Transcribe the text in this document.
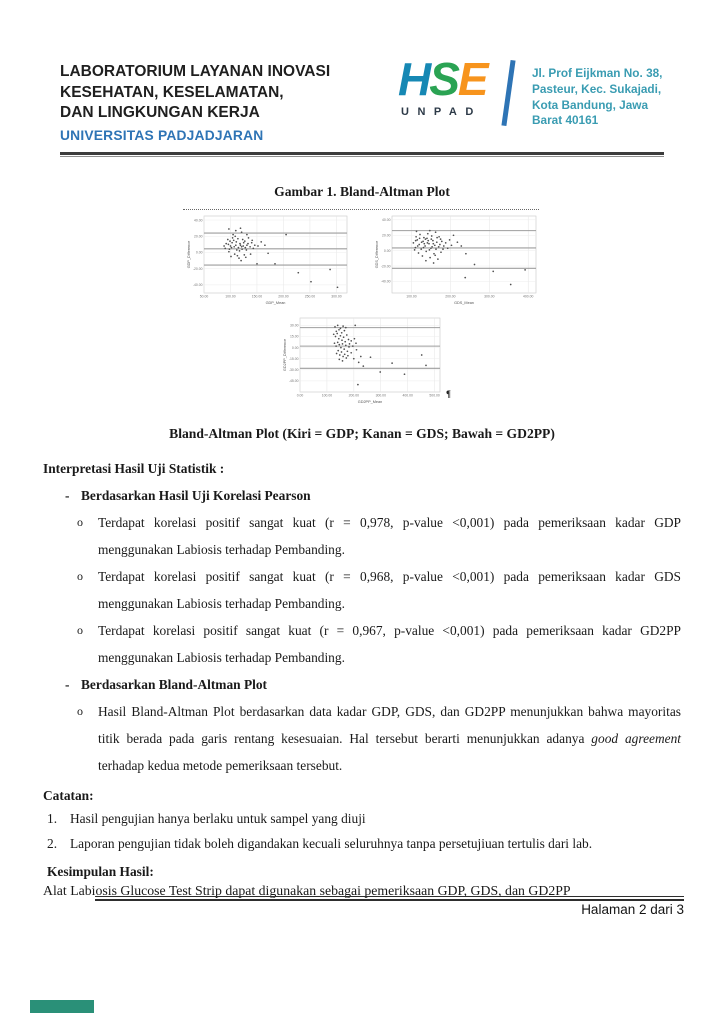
LABORATORIUM LAYANAN INOVASI
KESEHATAN, KESELAMATAN,
DAN LINGKUNGAN KERJA
UNIVERSITAS PADJADJARAN
HSE
UNPAD
Jl. Prof Eijkman No. 38,
Pasteur, Kec. Sukajadi,
Kota Bandung, Jawa
Barat 40161
Gambar 1. Bland-Altman Plot
50.00	100.00	150.00	200.00	250.00	300.00
40.00
20.00
0.00
-20.00
-40.00
GDP_Mean
GDP_Difference
100.00	200.00	300.00	400.00
40.00
20.00
0.00
-20.00
-40.00
GDS_Mean
GDS_Difference
0.00	100.00	200.00	300.00	400.00	500.00
30.00
15.00
0.00
-15.00
-30.00
-45.00
GD2PP_Mean
GD2PP_Difference
¶
Bland-Altman Plot (Kiri = GDP; Kanan = GDS; Bawah = GD2PP)
Interpretasi Hasil Uji Statistik :
- Berdasarkan Hasil Uji Korelasi Pearson
o Terdapat korelasi positif sangat kuat (r = 0,978, p-value <0,001) pada pemeriksaan kadar GDP menggunakan Labiosis terhadap Pembanding.
o Terdapat korelasi positif sangat kuat (r = 0,968, p-value <0,001) pada pemeriksaan kadar GDS menggunakan Labiosis terhadap Pembanding.
o Terdapat korelasi positif sangat kuat (r = 0,967, p-value <0,001) pada pemeriksaan kadar GD2PP menggunakan Labiosis terhadap Pembanding.
- Berdasarkan Bland-Altman Plot
o Hasil Bland-Altman Plot berdasarkan data kadar GDP, GDS, dan GD2PP menunjukkan bahwa mayoritas titik berada pada garis rentang kesesuaian. Hal tersebut berarti menunjukkan adanya good agreement terhadap kedua metode pemeriksaan tersebut.
Catatan:
1. Hasil pengujian hanya berlaku untuk sampel yang diuji
2. Laporan pengujian tidak boleh digandakan kecuali seluruhnya tanpa persetujiuan tertulis dari lab.
Kesimpulan Hasil:
Alat Labiosis Glucose Test Strip dapat digunakan sebagai pemeriksaan GDP, GDS, dan GD2PP
Halaman 2 dari 3
